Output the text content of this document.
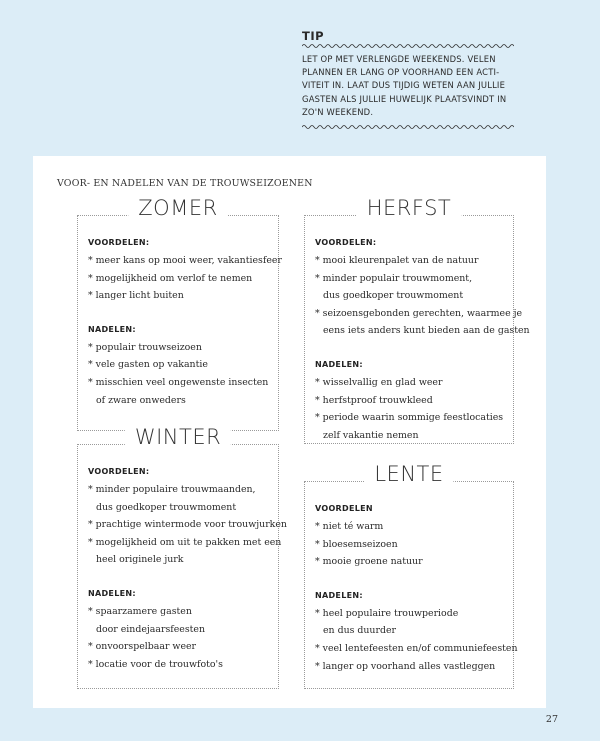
TIP
LET OP MET VERLENGDE WEEKENDS. VELEN
PLANNEN ER LANG OP VOORHAND EEN ACTI-
VITEIT IN. LAAT DUS TIJDIG WETEN AAN JULLIE
GASTEN ALS JULLIE HUWELIJK PLAATSVINDT IN
ZO'N WEEKEND.
VOOR- EN NADELEN VAN DE TROUWSEIZOENEN
ZOMER
VOORDELEN:
* meer kans op mooi weer, vakantiesfeer
* mogelijkheid om verlof te nemen
* langer licht buiten
NADELEN:
* populair trouwseizoen
* vele gasten op vakantie
* misschien veel ongewenste insecten
of zware onweders
HERFST
VOORDELEN:
* mooi kleurenpalet van de natuur
* minder populair trouwmoment,
dus goedkoper trouwmoment
* seizoensgebonden gerechten, waarmee je
eens iets anders kunt bieden aan de gasten
NADELEN:
* wisselvallig en glad weer
* herfstproof trouwkleed
* periode waarin sommige feestlocaties
zelf vakantie nemen
WINTER
VOORDELEN:
* minder populaire trouwmaanden,
dus goedkoper trouwmoment
* prachtige wintermode voor trouwjurken
* mogelijkheid om uit te pakken met een
heel originele jurk
NADELEN:
* spaarzamere gasten
door eindejaarsfeesten
* onvoorspelbaar weer
* locatie voor de trouwfoto's
LENTE
VOORDELEN
* niet té warm
* bloesemseizoen
* mooie groene natuur
NADELEN:
* heel populaire trouwperiode
en dus duurder
* veel lentefeesten en/of communiefeesten
* langer op voorhand alles vastleggen
27
